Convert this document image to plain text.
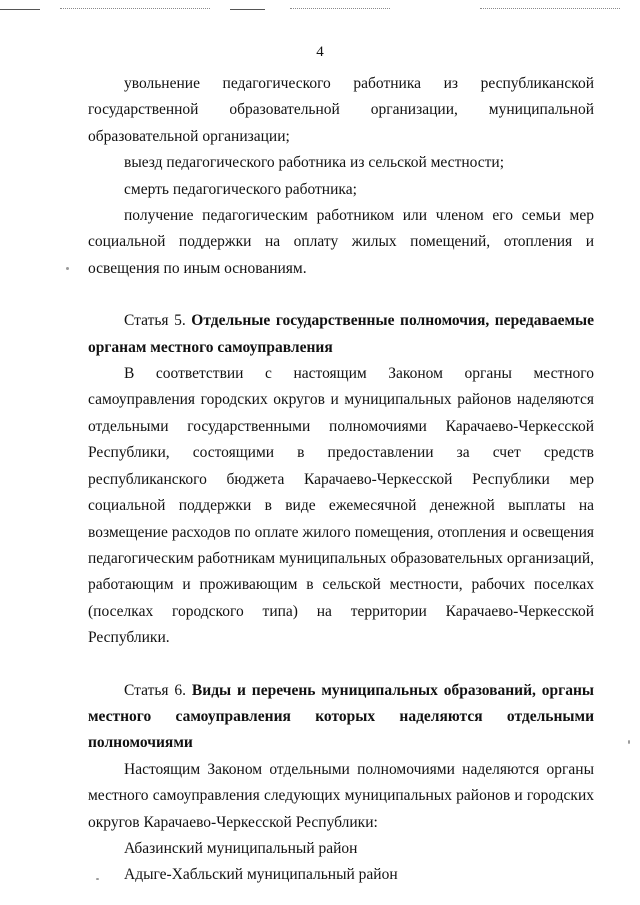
4

увольнение педагогического работника из республиканской государственной образовательной организации, муниципальной образовательной организации;

выезд педагогического работника из сельской местности;

смерть педагогического работника;

получение педагогическим работником или членом его семьи мер социальной поддержки на оплату жилых помещений, отопления и освещения по иным основаниям.

Статья 5. Отдельные государственные полномочия, передаваемые органам местного самоуправления

В соответствии с настоящим Законом органы местного самоуправления городских округов и муниципальных районов наделяются отдельными государственными полномочиями Карачаево-Черкесской Республики, состоящими в предоставлении за счет средств республиканского бюджета Карачаево-Черкесской Республики мер социальной поддержки в виде ежемесячной денежной выплаты на возмещение расходов по оплате жилого помещения, отопления и освещения педагогическим работникам муниципальных образовательных организаций, работающим и проживающим в сельской местности, рабочих поселках (поселках городского типа) на территории Карачаево-Черкесской Республики.

Статья 6. Виды и перечень муниципальных образований, органы местного самоуправления которых наделяются отдельными полномочиями

Настоящим Законом отдельными полномочиями наделяются органы местного самоуправления следующих муниципальных районов и городских округов Карачаево-Черкесской Республики:

Абазинский муниципальный район

Адыге-Хабльский муниципальный район
